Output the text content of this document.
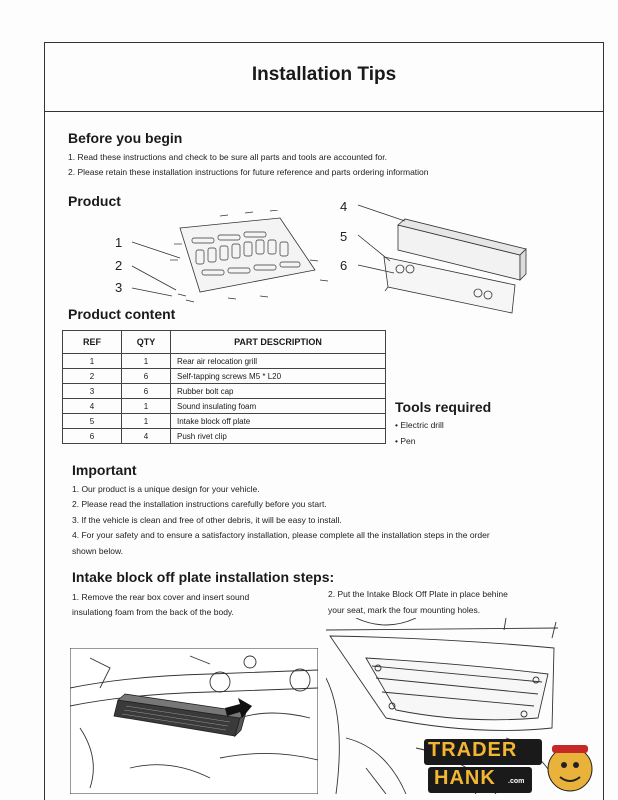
Installation Tips
Before you begin
1. Read these instructions and check to be sure all parts and tools are accounted for.
2. Please retain these installation instructions for future reference and parts ordering information
Product
1
2
3
4
5
6
Product content
REF	QTY	PART DESCRIPTION
1	1	Rear air relocation grill
2	6	Self-tapping screws M5 * L20
3	6	Rubber bolt cap
4	1	Sound insulating foam
5	1	Intake block off plate
6	4	Push rivet clip
Tools required
• Electric drill
• Pen
Important
1. Our product is a unique design for your vehicle.
2. Please read the installation instructions carefully before you start.
3. If the vehicle is clean and free of other debris, it will be easy to install.
4. For your safety and to ensure a satisfactory installation, please complete all the installation steps in the order
shown below.
Intake block off plate installation steps:
1. Remove the rear box cover and insert sound
insulationg foam from the back of the body.
2. Put the Intake Block Off Plate in place behine
your seat, mark the four mounting holes.
TRADER
HANK .com
